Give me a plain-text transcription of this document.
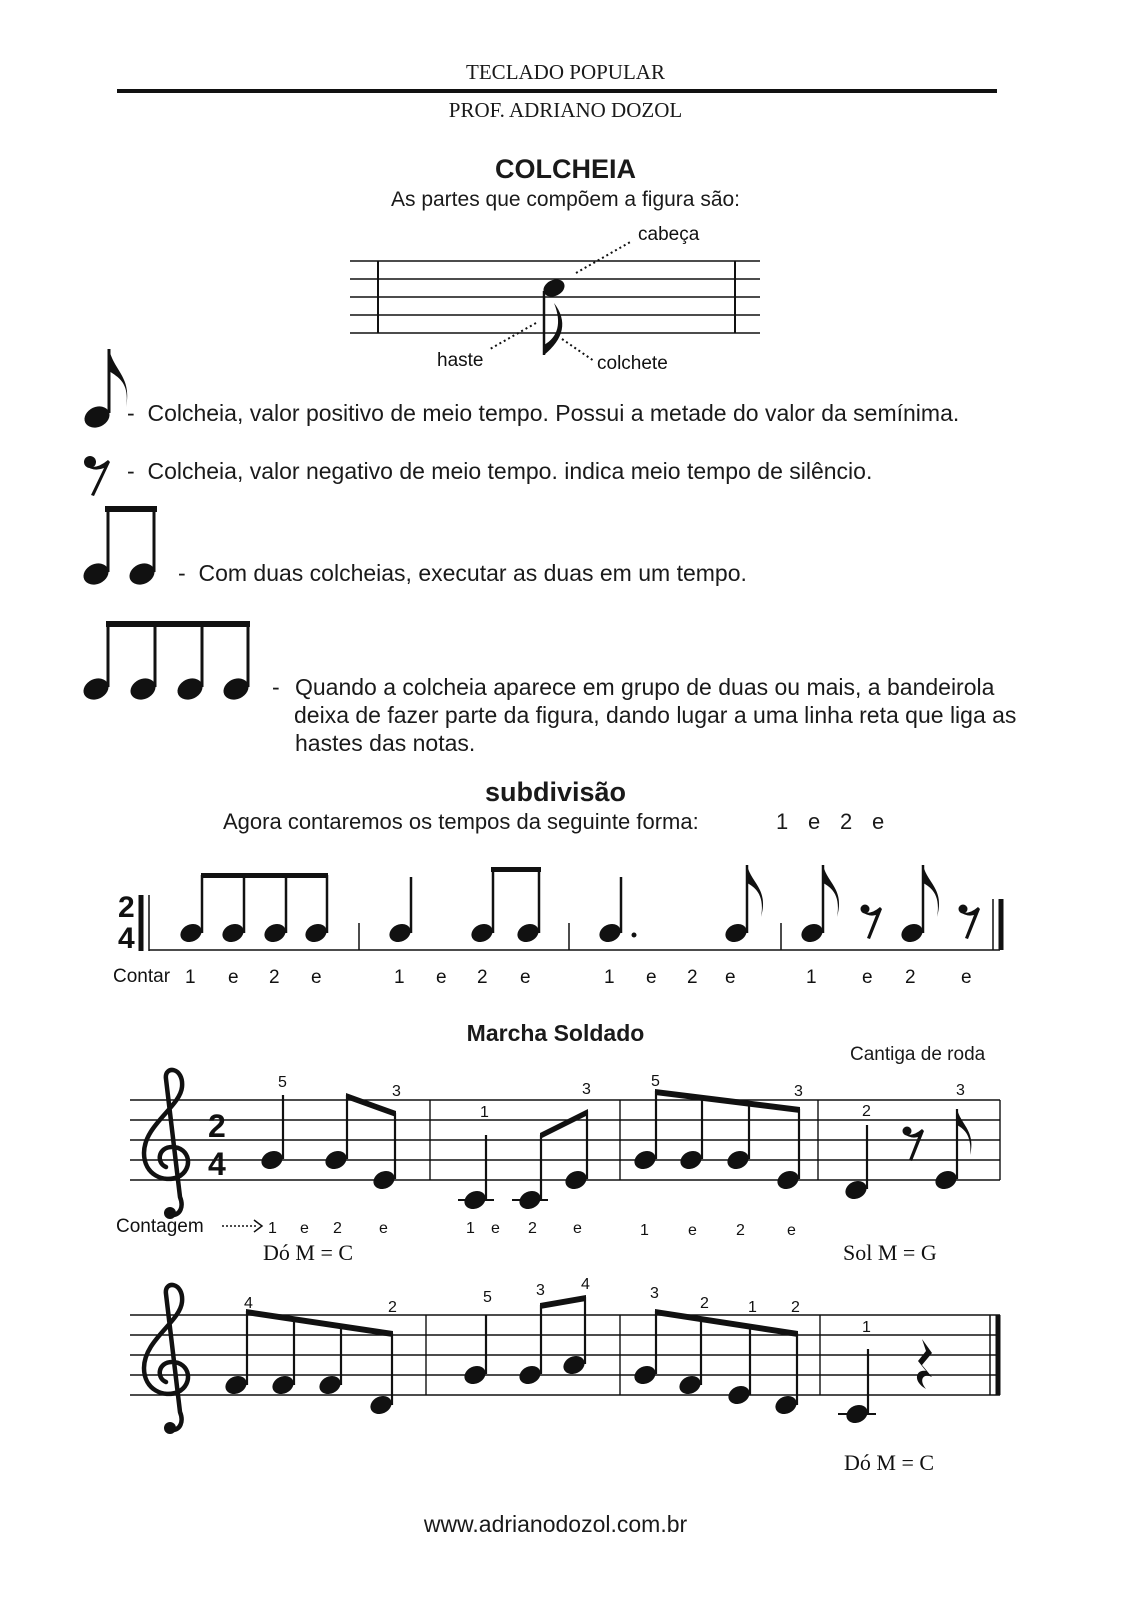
TECLADO POPULAR

PROF. ADRIANO DOZOL

COLCHEIA

As partes que compõem a figura são:

cabeça
haste	colchete

- Colcheia, valor positivo de meio tempo. Possui a metade do valor da semínima.

- Colcheia, valor negativo de meio tempo. indica meio tempo de silêncio.

- Com duas colcheias, executar as duas em um tempo.

- Quando a colcheia aparece em grupo de duas ou mais, a bandeirola

deixa de fazer parte da figura, dando lugar a uma linha reta que liga as

hastes das notas.

subdivisão

Agora contaremos os tempos da seguinte forma:	1 e 2 e
2
4
Contar 1 e 2 e	1 e 2 e	1 e 2 e	1 e 2 e

Marcha Soldado

Cantiga de roda

2
4
5
3
1
3	5
3
2
3
Contagem	1 e 2 e	1 e 2 e	1 e 2	e
Dó M = C	Sol M = G
4	2
5	3 4
3
2 1 2
1
Dó M = C

www.adrianodozol.com.br
